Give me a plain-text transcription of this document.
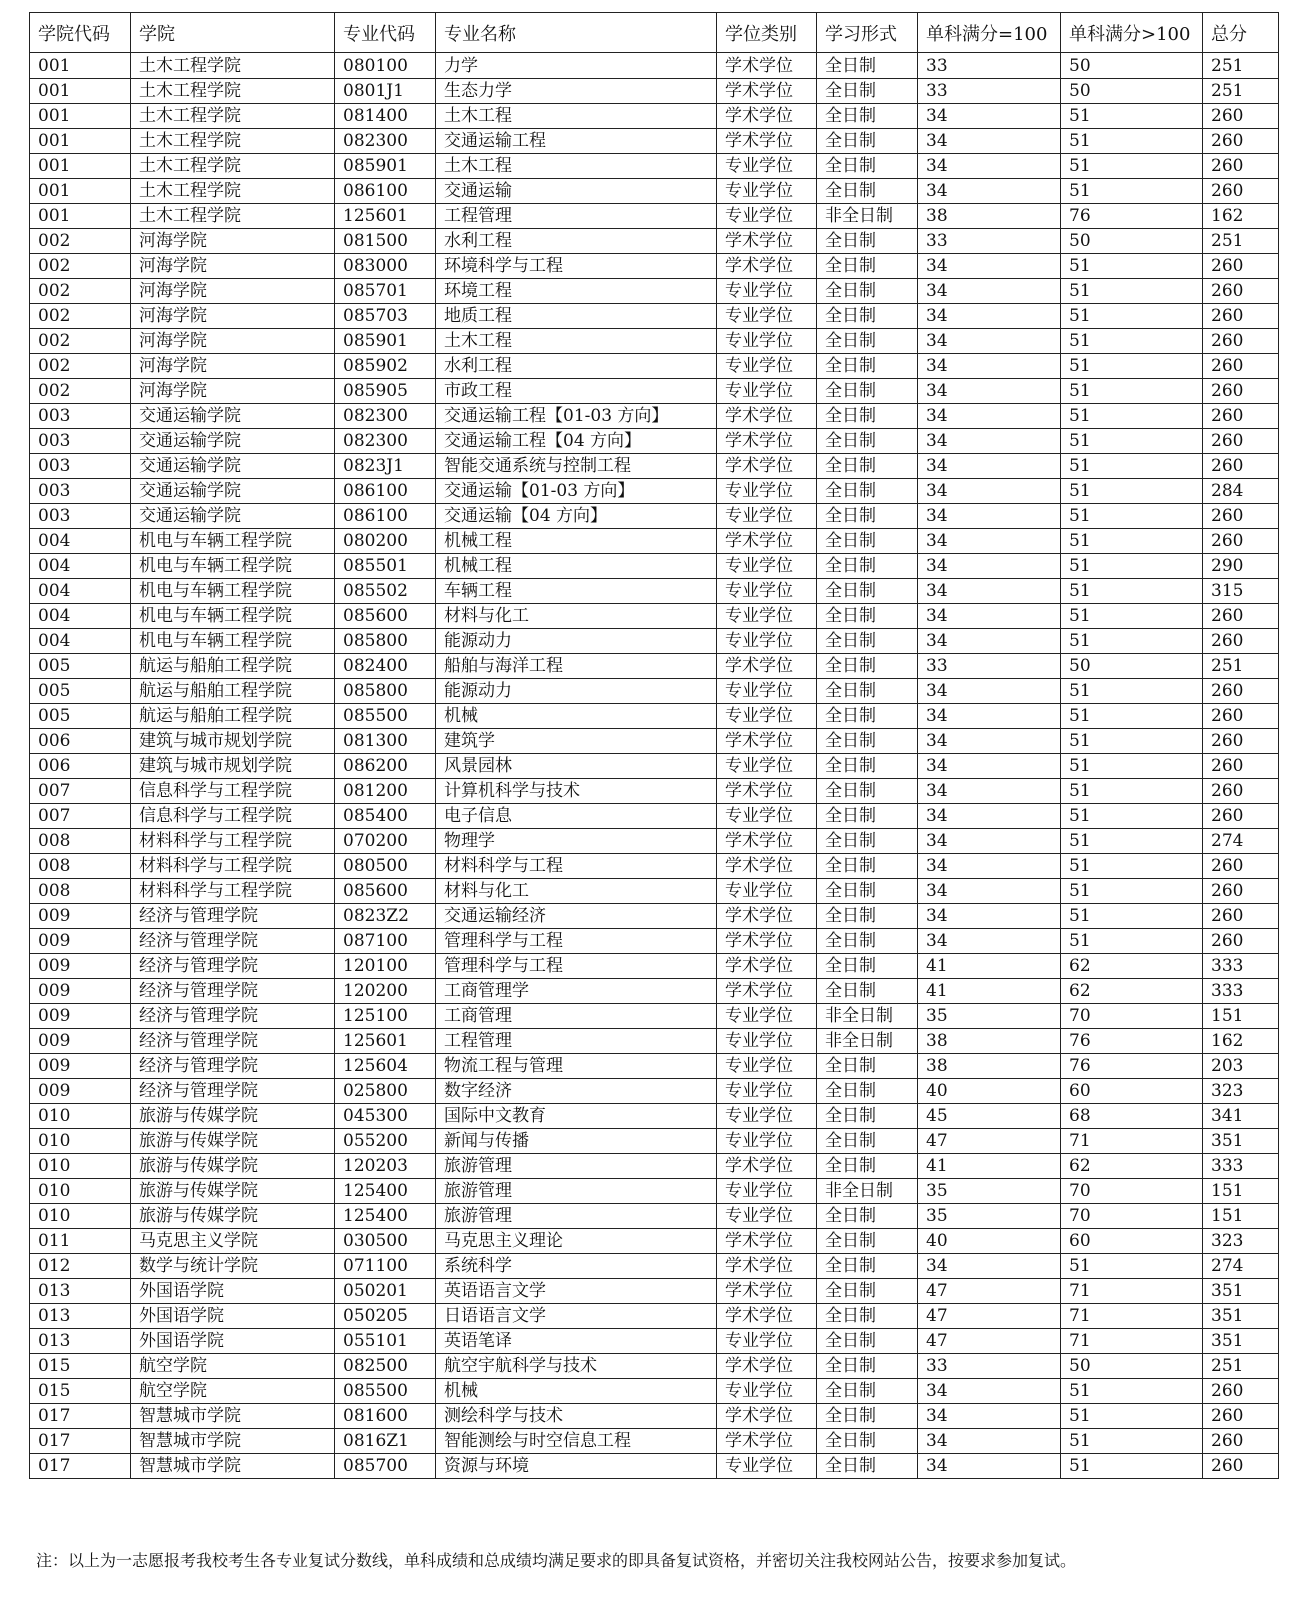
学院代码	学院	专业代码	专业名称	学位类别	学习形式	单科满分=100	单科满分>100	总分
001	土木工程学院	080100	力学	学术学位	全日制	33	50	251
001	土木工程学院	0801J1	生态力学	学术学位	全日制	33	50	251
001	土木工程学院	081400	土木工程	学术学位	全日制	34	51	260
001	土木工程学院	082300	交通运输工程	学术学位	全日制	34	51	260
001	土木工程学院	085901	土木工程	专业学位	全日制	34	51	260
001	土木工程学院	086100	交通运输	专业学位	全日制	34	51	260
001	土木工程学院	125601	工程管理	专业学位	非全日制	38	76	162
002	河海学院	081500	水利工程	学术学位	全日制	33	50	251
002	河海学院	083000	环境科学与工程	学术学位	全日制	34	51	260
002	河海学院	085701	环境工程	专业学位	全日制	34	51	260
002	河海学院	085703	地质工程	专业学位	全日制	34	51	260
002	河海学院	085901	土木工程	专业学位	全日制	34	51	260
002	河海学院	085902	水利工程	专业学位	全日制	34	51	260
002	河海学院	085905	市政工程	专业学位	全日制	34	51	260
003	交通运输学院	082300	交通运输工程【01-03 方向】	学术学位	全日制	34	51	260
003	交通运输学院	082300	交通运输工程【04 方向】	学术学位	全日制	34	51	260
003	交通运输学院	0823J1	智能交通系统与控制工程	学术学位	全日制	34	51	260
003	交通运输学院	086100	交通运输【01-03 方向】	专业学位	全日制	34	51	284
003	交通运输学院	086100	交通运输【04 方向】	专业学位	全日制	34	51	260
004	机电与车辆工程学院	080200	机械工程	学术学位	全日制	34	51	260
004	机电与车辆工程学院	085501	机械工程	专业学位	全日制	34	51	290
004	机电与车辆工程学院	085502	车辆工程	专业学位	全日制	34	51	315
004	机电与车辆工程学院	085600	材料与化工	专业学位	全日制	34	51	260
004	机电与车辆工程学院	085800	能源动力	专业学位	全日制	34	51	260
005	航运与船舶工程学院	082400	船舶与海洋工程	学术学位	全日制	33	50	251
005	航运与船舶工程学院	085800	能源动力	专业学位	全日制	34	51	260
005	航运与船舶工程学院	085500	机械	专业学位	全日制	34	51	260
006	建筑与城市规划学院	081300	建筑学	学术学位	全日制	34	51	260
006	建筑与城市规划学院	086200	风景园林	专业学位	全日制	34	51	260
007	信息科学与工程学院	081200	计算机科学与技术	学术学位	全日制	34	51	260
007	信息科学与工程学院	085400	电子信息	专业学位	全日制	34	51	260
008	材料科学与工程学院	070200	物理学	学术学位	全日制	34	51	274
008	材料科学与工程学院	080500	材料科学与工程	学术学位	全日制	34	51	260
008	材料科学与工程学院	085600	材料与化工	专业学位	全日制	34	51	260
009	经济与管理学院	0823Z2	交通运输经济	学术学位	全日制	34	51	260
009	经济与管理学院	087100	管理科学与工程	学术学位	全日制	34	51	260
009	经济与管理学院	120100	管理科学与工程	学术学位	全日制	41	62	333
009	经济与管理学院	120200	工商管理学	学术学位	全日制	41	62	333
009	经济与管理学院	125100	工商管理	专业学位	非全日制	35	70	151
009	经济与管理学院	125601	工程管理	专业学位	非全日制	38	76	162
009	经济与管理学院	125604	物流工程与管理	专业学位	全日制	38	76	203
009	经济与管理学院	025800	数字经济	专业学位	全日制	40	60	323
010	旅游与传媒学院	045300	国际中文教育	专业学位	全日制	45	68	341
010	旅游与传媒学院	055200	新闻与传播	专业学位	全日制	47	71	351
010	旅游与传媒学院	120203	旅游管理	学术学位	全日制	41	62	333
010	旅游与传媒学院	125400	旅游管理	专业学位	非全日制	35	70	151
010	旅游与传媒学院	125400	旅游管理	专业学位	全日制	35	70	151
011	马克思主义学院	030500	马克思主义理论	学术学位	全日制	40	60	323
012	数学与统计学院	071100	系统科学	学术学位	全日制	34	51	274
013	外国语学院	050201	英语语言文学	学术学位	全日制	47	71	351
013	外国语学院	050205	日语语言文学	学术学位	全日制	47	71	351
013	外国语学院	055101	英语笔译	专业学位	全日制	47	71	351
015	航空学院	082500	航空宇航科学与技术	学术学位	全日制	33	50	251
015	航空学院	085500	机械	专业学位	全日制	34	51	260
017	智慧城市学院	081600	测绘科学与技术	学术学位	全日制	34	51	260
017	智慧城市学院	0816Z1	智能测绘与时空信息工程	学术学位	全日制	34	51	260
017	智慧城市学院	085700	资源与环境	专业学位	全日制	34	51	260
注：以上为一志愿报考我校考生各专业复试分数线，单科成绩和总成绩均满足要求的即具备复试资格，并密切关注我校网站公告，按要求参加复试。
